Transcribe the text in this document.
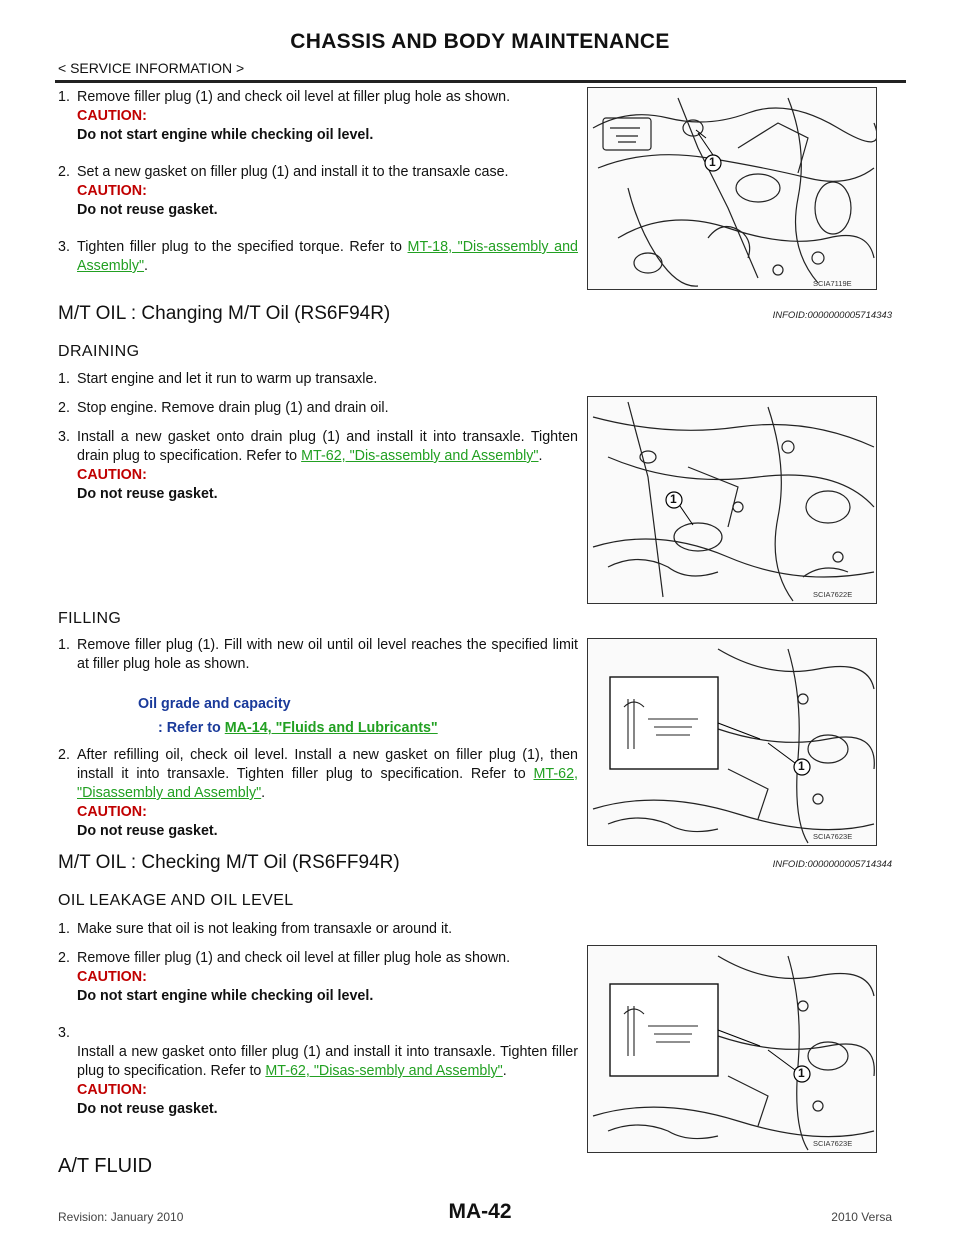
CHASSIS AND BODY MAINTENANCE
< SERVICE INFORMATION >
1. Remove filler plug (1) and check oil level at filler plug hole as shown.
CAUTION:
Do not start engine while checking oil level.
2. Set a new gasket on filler plug (1) and install it to the transaxle case.
CAUTION:
Do not reuse gasket.
3. Tighten filler plug to the specified torque. Refer to MT-18, "Dis-assembly and Assembly".
1
SCIA7119E
M/T OIL : Changing M/T Oil (RS6F94R)	INFOID:0000000005714343
DRAINING
1. Start engine and let it run to warm up transaxle.
2. Stop engine. Remove drain plug (1) and drain oil.
3. Install a new gasket onto drain plug (1) and install it into transaxle. Tighten drain plug to specification. Refer to MT-62, "Dis-assembly and Assembly".
CAUTION:
Do not reuse gasket.	1
SCIA7622E
FILLING
1. Remove filler plug (1). Fill with new oil until oil level reaches the specified limit at filler plug hole as shown.
Oil grade and capacity
: Refer to MA-14, "Fluids and Lubricants"
2. After refilling oil, check oil level. Install a new gasket on filler plug (1), then install it into transaxle. Tighten filler plug to specification. Refer to MT-62, "Disassembly and Assembly".
CAUTION:
Do not reuse gasket.
1
SCIA7623E
M/T OIL : Checking M/T Oil (RS6FF94R)	INFOID:0000000005714344
OIL LEAKAGE AND OIL LEVEL
1. Make sure that oil is not leaking from transaxle or around it.
2. Remove filler plug (1) and check oil level at filler plug hole as shown.
CAUTION:
Do not start engine while checking oil level.
3.
Install a new gasket onto filler plug (1) and install it into transaxle. Tighten filler plug to specification. Refer to MT-62, "Disas-sembly and Assembly".
CAUTION:
Do not reuse gasket.
1
SCIA7623E
A/T FLUID
MA-42
Revision: January 2010	2010 Versa
